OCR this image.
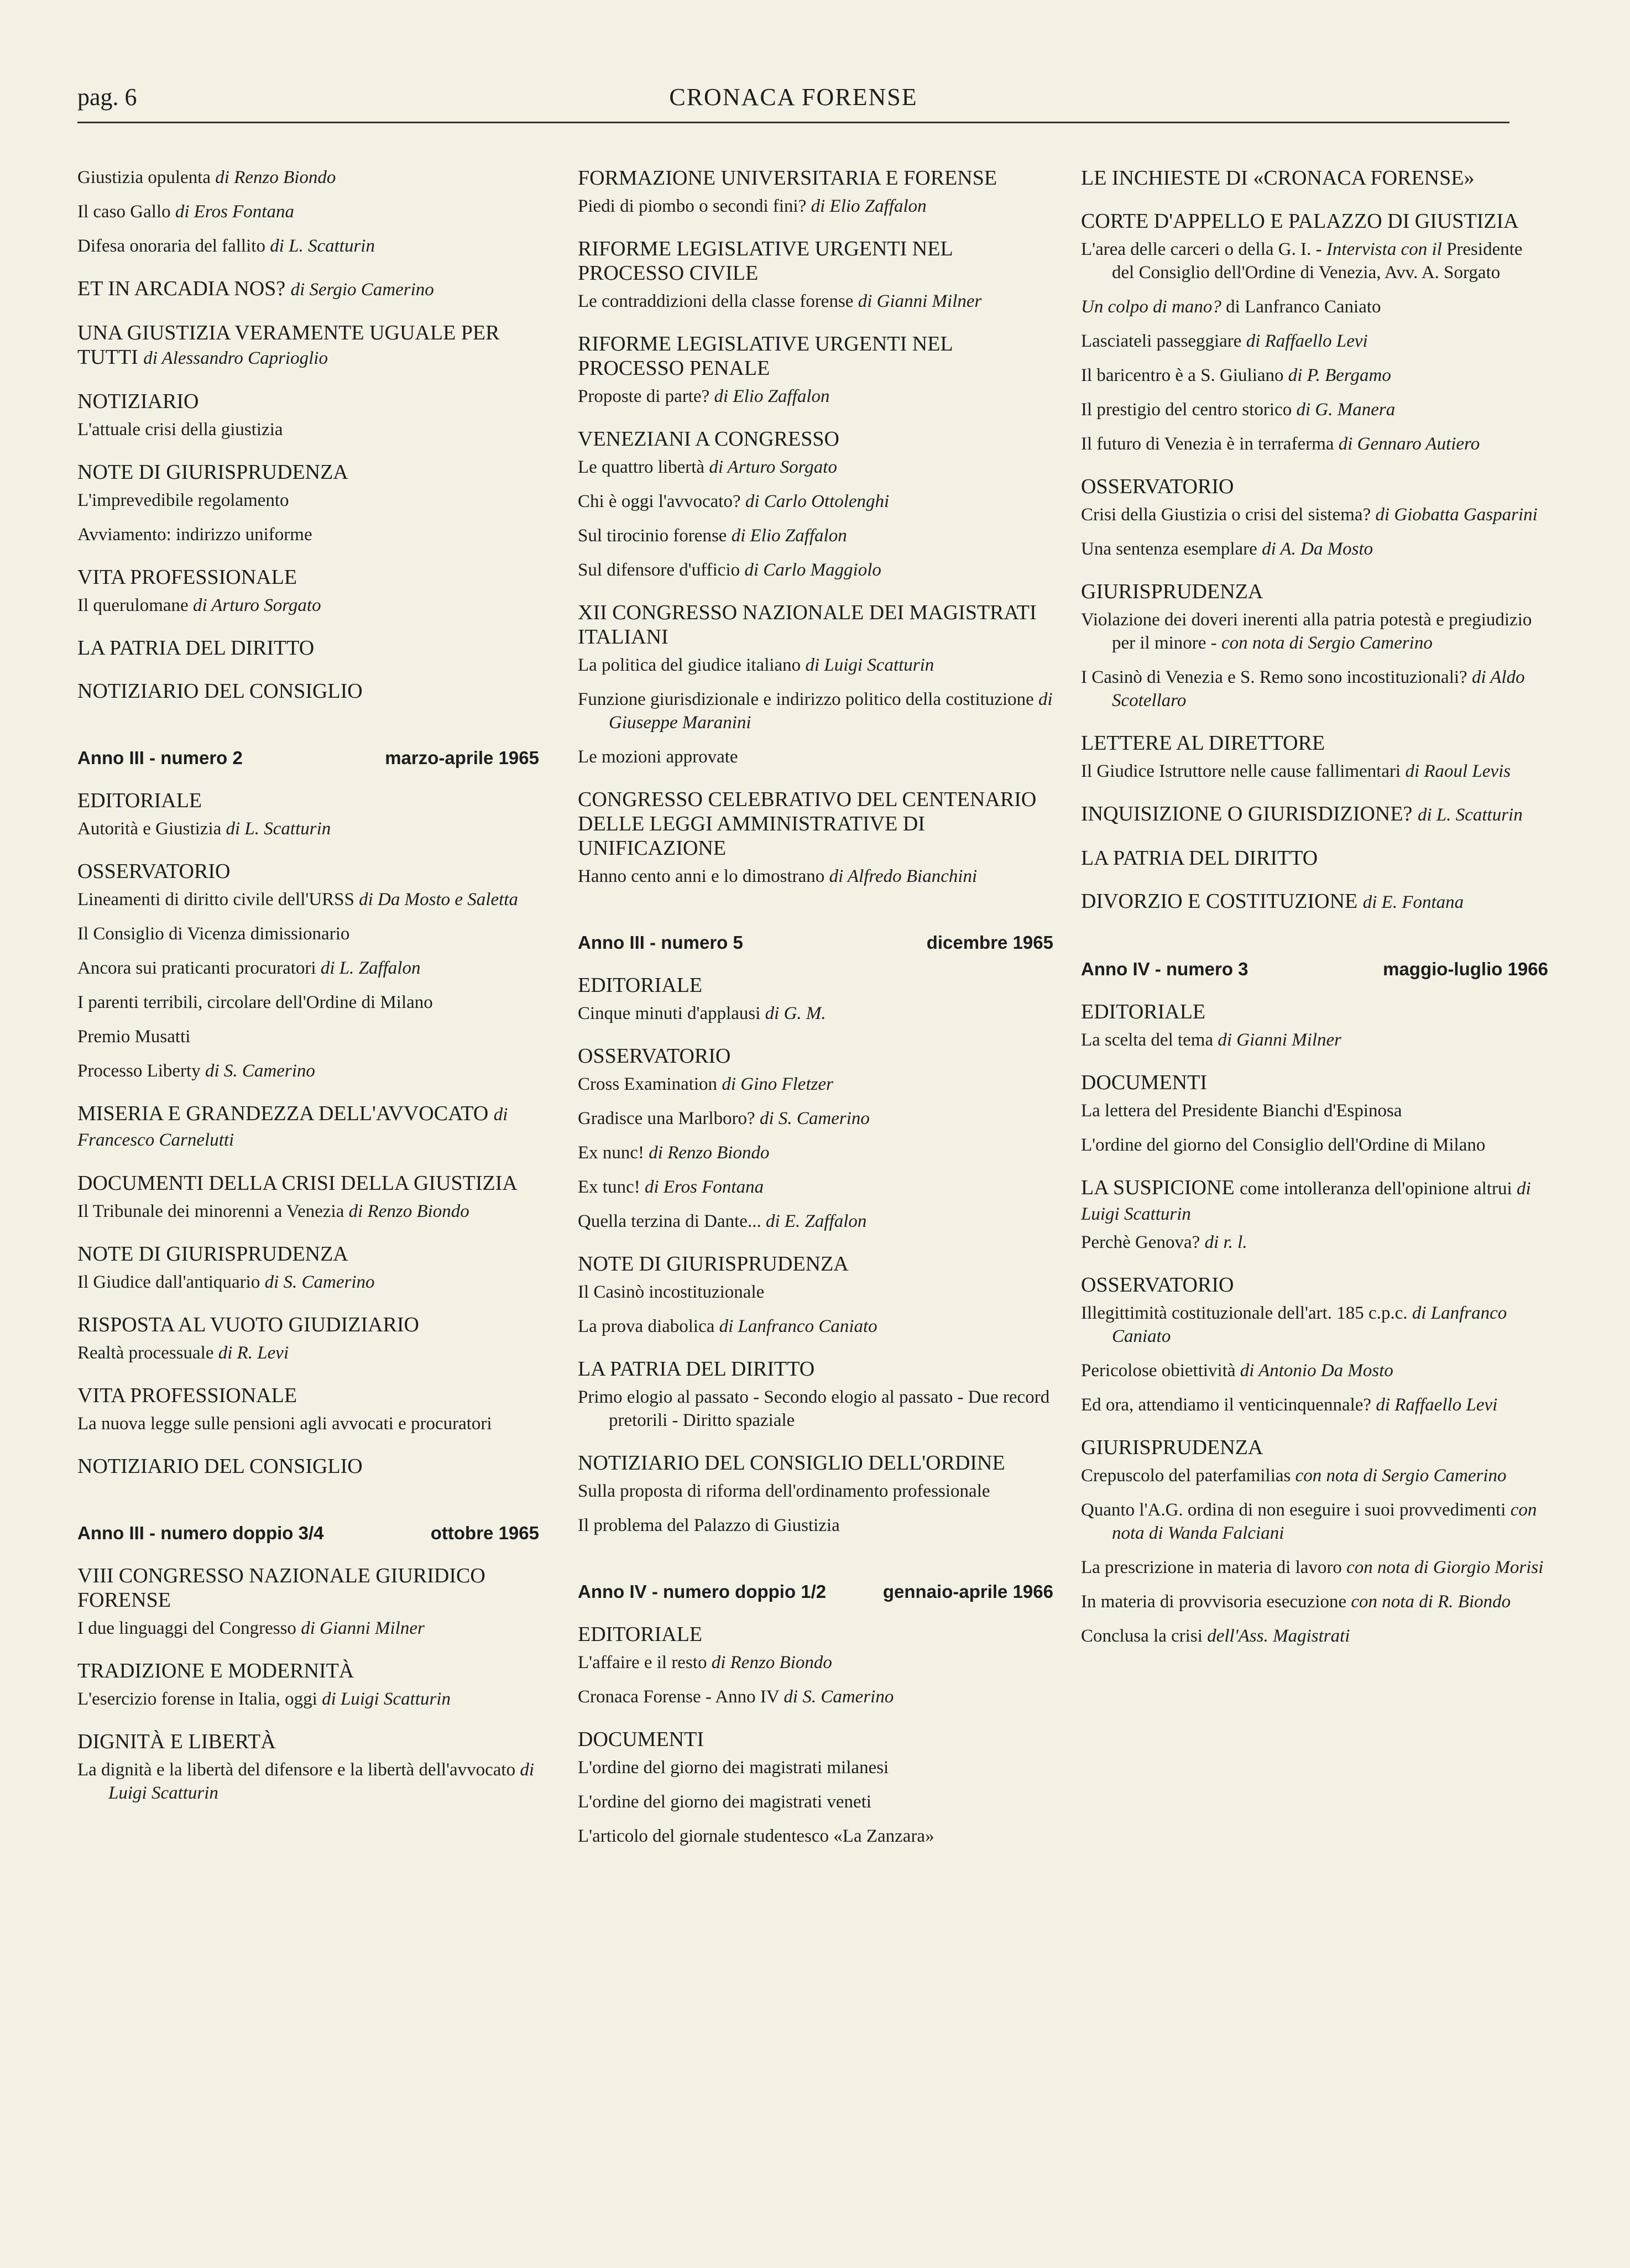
pag. 6	CRONACA FORENSE
Giustizia opulenta di Renzo Biondo
Il caso Gallo di Eros Fontana
Difesa onoraria del fallito di L. Scatturin
ET IN ARCADIA NOS? di Sergio Camerino
UNA GIUSTIZIA VERAMENTE UGUALE PER TUTTI di Alessandro Caprioglio
NOTIZIARIO
L'attuale crisi della giustizia
NOTE DI GIURISPRUDENZA
L'imprevedibile regolamento
Avviamento: indirizzo uniforme
VITA PROFESSIONALE
Il querulomane di Arturo Sorgato
LA PATRIA DEL DIRITTO
NOTIZIARIO DEL CONSIGLIO
Anno III - numero 2	marzo-aprile 1965
EDITORIALE
Autorità e Giustizia di L. Scatturin
OSSERVATORIO
Lineamenti di diritto civile dell'URSS di Da Mosto e Saletta
Il Consiglio di Vicenza dimissionario
Ancora sui praticanti procuratori di L. Zaffalon
I parenti terribili, circolare dell'Ordine di Milano
Premio Musatti
Processo Liberty di S. Camerino
MISERIA E GRANDEZZA DELL'AVVOCATO di Francesco Carnelutti
DOCUMENTI DELLA CRISI DELLA GIUSTIZIA
Il Tribunale dei minorenni a Venezia di Renzo Biondo
NOTE DI GIURISPRUDENZA
Il Giudice dall'antiquario di S. Camerino
RISPOSTA AL VUOTO GIUDIZIARIO
Realtà processuale di R. Levi
VITA PROFESSIONALE
La nuova legge sulle pensioni agli avvocati e procuratori
NOTIZIARIO DEL CONSIGLIO
Anno III - numero doppio 3/4	ottobre 1965
VIII CONGRESSO NAZIONALE GIURIDICO FORENSE
I due linguaggi del Congresso di Gianni Milner
TRADIZIONE E MODERNITÀ
L'esercizio forense in Italia, oggi di Luigi Scatturin
DIGNITÀ E LIBERTÀ
La dignità e la libertà del difensore e la libertà dell'avvocato di Luigi Scatturin
FORMAZIONE UNIVERSITARIA E FORENSE
Piedi di piombo o secondi fini? di Elio Zaffalon
RIFORME LEGISLATIVE URGENTI NEL PROCESSO CIVILE
Le contraddizioni della classe forense di Gianni Milner
RIFORME LEGISLATIVE URGENTI NEL PROCESSO PENALE
Proposte di parte? di Elio Zaffalon
VENEZIANI A CONGRESSO
Le quattro libertà di Arturo Sorgato
Chi è oggi l'avvocato? di Carlo Ottolenghi
Sul tirocinio forense di Elio Zaffalon
Sul difensore d'ufficio di Carlo Maggiolo
XII CONGRESSO NAZIONALE DEI MAGISTRATI ITALIANI
La politica del giudice italiano di Luigi Scatturin
Funzione giurisdizionale e indirizzo politico della costituzione di Giuseppe Maranini
Le mozioni approvate
CONGRESSO CELEBRATIVO DEL CENTENARIO DELLE LEGGI AMMINISTRATIVE DI UNIFICAZIONE
Hanno cento anni e lo dimostrano di Alfredo Bianchini
Anno III - numero 5	dicembre 1965
EDITORIALE
Cinque minuti d'applausi di G. M.
OSSERVATORIO
Cross Examination di Gino Fletzer
Gradisce una Marlboro? di S. Camerino
Ex nunc! di Renzo Biondo
Ex tunc! di Eros Fontana
Quella terzina di Dante... di E. Zaffalon
NOTE DI GIURISPRUDENZA
Il Casinò incostituzionale
La prova diabolica di Lanfranco Caniato
LA PATRIA DEL DIRITTO
Primo elogio al passato - Secondo elogio al passato - Due record pretorili - Diritto spaziale
NOTIZIARIO DEL CONSIGLIO DELL'ORDINE
Sulla proposta di riforma dell'ordinamento professionale
Il problema del Palazzo di Giustizia
Anno IV - numero doppio 1/2	gennaio-aprile 1966
EDITORIALE
L'affaire e il resto di Renzo Biondo
Cronaca Forense - Anno IV di S. Camerino
DOCUMENTI
L'ordine del giorno dei magistrati milanesi
L'ordine del giorno dei magistrati veneti
L'articolo del giornale studentesco «La Zanzara»
LE INCHIESTE DI «CRONACA FORENSE»
CORTE D'APPELLO E PALAZZO DI GIUSTIZIA
L'area delle carceri o della G. I. - Intervista con il Presidente del Consiglio dell'Ordine di Venezia, Avv. A. Sorgato
Un colpo di mano? di Lanfranco Caniato
Lasciateli passeggiare di Raffaello Levi
Il baricentro è a S. Giuliano di P. Bergamo
Il prestigio del centro storico di G. Manera
Il futuro di Venezia è in terraferma di Gennaro Autiero
OSSERVATORIO
Crisi della Giustizia o crisi del sistema? di Giobatta Gasparini
Una sentenza esemplare di A. Da Mosto
GIURISPRUDENZA
Violazione dei doveri inerenti alla patria potestà e pregiudizio per il minore - con nota di Sergio Camerino
I Casinò di Venezia e S. Remo sono incostituzionali? di Aldo Scotellaro
LETTERE AL DIRETTORE
Il Giudice Istruttore nelle cause fallimentari di Raoul Levis
INQUISIZIONE O GIURISDIZIONE? di L. Scatturin
LA PATRIA DEL DIRITTO
DIVORZIO E COSTITUZIONE di E. Fontana
Anno IV - numero 3	maggio-luglio 1966
EDITORIALE
La scelta del tema di Gianni Milner
DOCUMENTI
La lettera del Presidente Bianchi d'Espinosa
L'ordine del giorno del Consiglio dell'Ordine di Milano
LA SUSPICIONE come intolleranza dell'opinione altrui di Luigi Scatturin
Perchè Genova? di r. l.
OSSERVATORIO
Illegittimità costituzionale dell'art. 185 c.p.c. di Lanfranco Caniato
Pericolose obiettività di Antonio Da Mosto
Ed ora, attendiamo il venticinquennale? di Raffaello Levi
GIURISPRUDENZA
Crepuscolo del paterfamilias con nota di Sergio Camerino
Quanto l'A.G. ordina di non eseguire i suoi provvedimenti con nota di Wanda Falciani
La prescrizione in materia di lavoro con nota di Giorgio Morisi
In materia di provvisoria esecuzione con nota di R. Biondo
Conclusa la crisi dell'Ass. Magistrati
